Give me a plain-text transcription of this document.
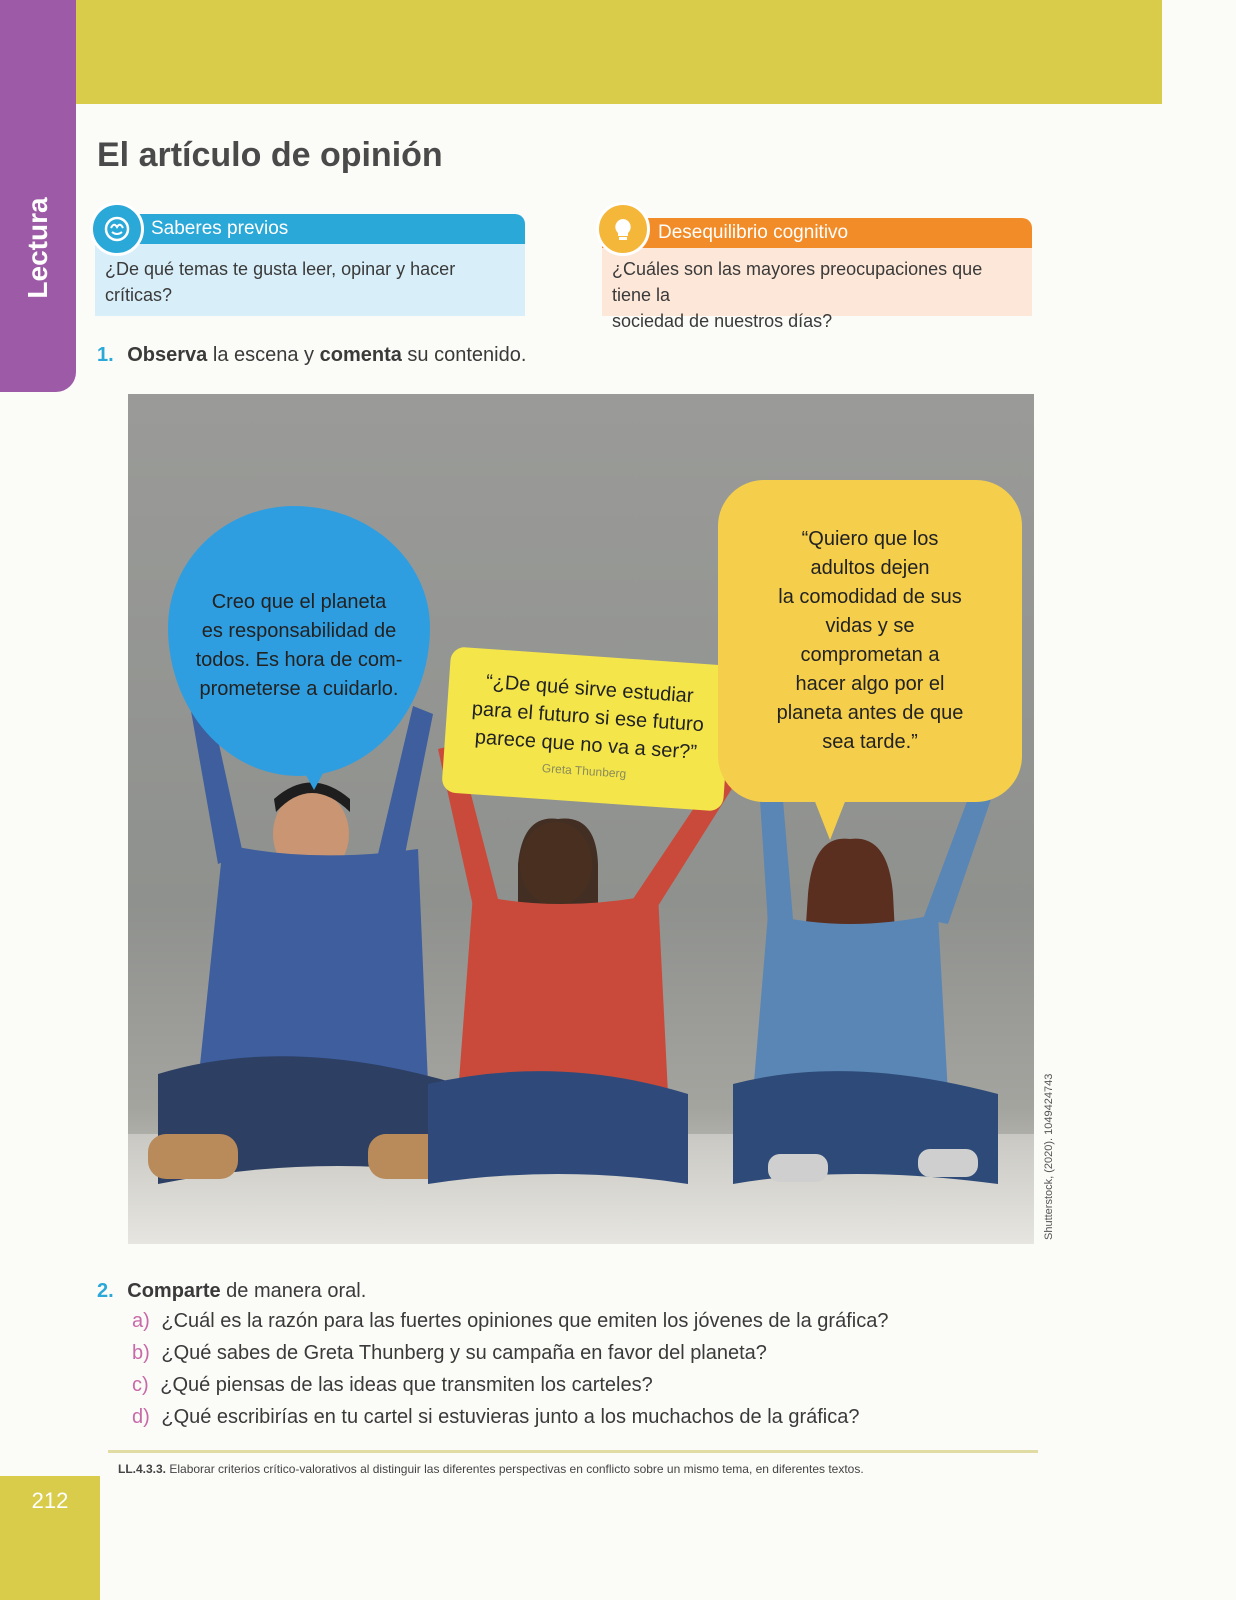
Lectura
El artículo de opinión
Saberes previos
¿De qué temas te gusta leer, opinar y hacer críticas?
Desequilibrio cognitivo
¿Cuáles son las mayores preocupaciones que tiene la
sociedad de nuestros días?
1. Observa la escena y comenta su contenido.
Creo que el planeta
es responsabilidad de
todos. Es hora de com-
prometerse a cuidarlo.	“¿De qué sirve estudiar
para el futuro si ese futuro
parece que no va a ser?”
Greta Thunberg
“Quiero que los
adultos dejen
la comodidad de sus
vidas y se
comprometan a
hacer algo por el
planeta antes de que
sea tarde.”
Shutterstock, (2020). 1049424743
2. Comparte de manera oral.
a) ¿Cuál es la razón para las fuertes opiniones que emiten los jóvenes de la gráfica?
b) ¿Qué sabes de Greta Thunberg y su campaña en favor del planeta?
c) ¿Qué piensas de las ideas que transmiten los carteles?
d) ¿Qué escribirías en tu cartel si estuvieras junto a los muchachos de la gráfica?
LL.4.3.3. Elaborar criterios crítico-valorativos al distinguir las diferentes perspectivas en conflicto sobre un mismo tema, en diferentes textos.
212
